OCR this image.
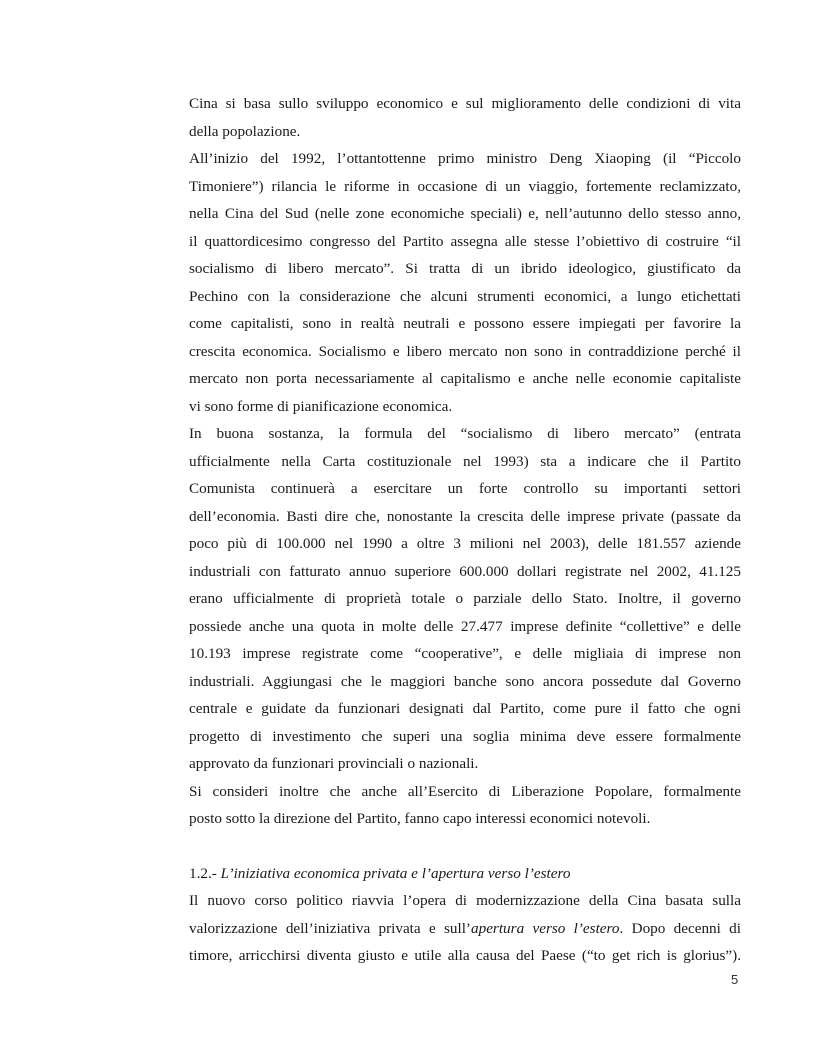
Cina si basa sullo sviluppo economico e sul miglioramento delle condizioni di vita
della popolazione.
All’inizio del 1992, l’ottantottenne primo ministro Deng Xiaoping (il “Piccolo
Timoniere”) rilancia le riforme in occasione di un viaggio, fortemente reclamizzato,
nella Cina del Sud (nelle zone economiche speciali) e, nell’autunno dello stesso anno,
il quattordicesimo congresso del Partito assegna alle stesse l’obiettivo di costruire “il
socialismo di libero mercato”. Si tratta di un ibrido ideologico, giustificato da
Pechino con la considerazione che alcuni strumenti economici, a lungo etichettati
come capitalisti, sono in realtà neutrali e possono essere impiegati per favorire la
crescita economica. Socialismo e libero mercato non sono in contraddizione perché il
mercato non porta necessariamente al capitalismo e anche nelle economie capitaliste
vi sono forme di pianificazione economica.
In buona sostanza, la formula del “socialismo di libero mercato” (entrata
ufficialmente nella Carta costituzionale nel 1993) sta a indicare che il Partito
Comunista continuerà a esercitare un forte controllo su importanti settori
dell’economia. Basti dire che, nonostante la crescita delle imprese private (passate da
poco più di 100.000 nel 1990 a oltre 3 milioni nel 2003), delle 181.557 aziende
industriali con fatturato annuo superiore 600.000 dollari registrate nel 2002, 41.125
erano ufficialmente di proprietà totale o parziale dello Stato. Inoltre, il governo
possiede anche una quota in molte delle 27.477 imprese definite “collettive” e delle
10.193 imprese registrate come “cooperative”, e delle migliaia di imprese non
industriali. Aggiungasi che le maggiori banche sono ancora possedute dal Governo
centrale e guidate da funzionari designati dal Partito, come pure il fatto che ogni
progetto di investimento che superi una soglia minima deve essere formalmente
approvato da funzionari provinciali o nazionali.
Si consideri inoltre che anche all’Esercito di Liberazione Popolare, formalmente
posto sotto la direzione del Partito, fanno capo interessi economici notevoli.
1.2.- L’iniziativa economica privata e l’apertura verso l’estero
Il nuovo corso politico riavvia l’opera di modernizzazione della Cina basata sulla
valorizzazione dell’iniziativa privata e sull’apertura verso l’estero. Dopo decenni di
timore, arricchirsi diventa giusto e utile alla causa del Paese (“to get rich is glorius”).
5
